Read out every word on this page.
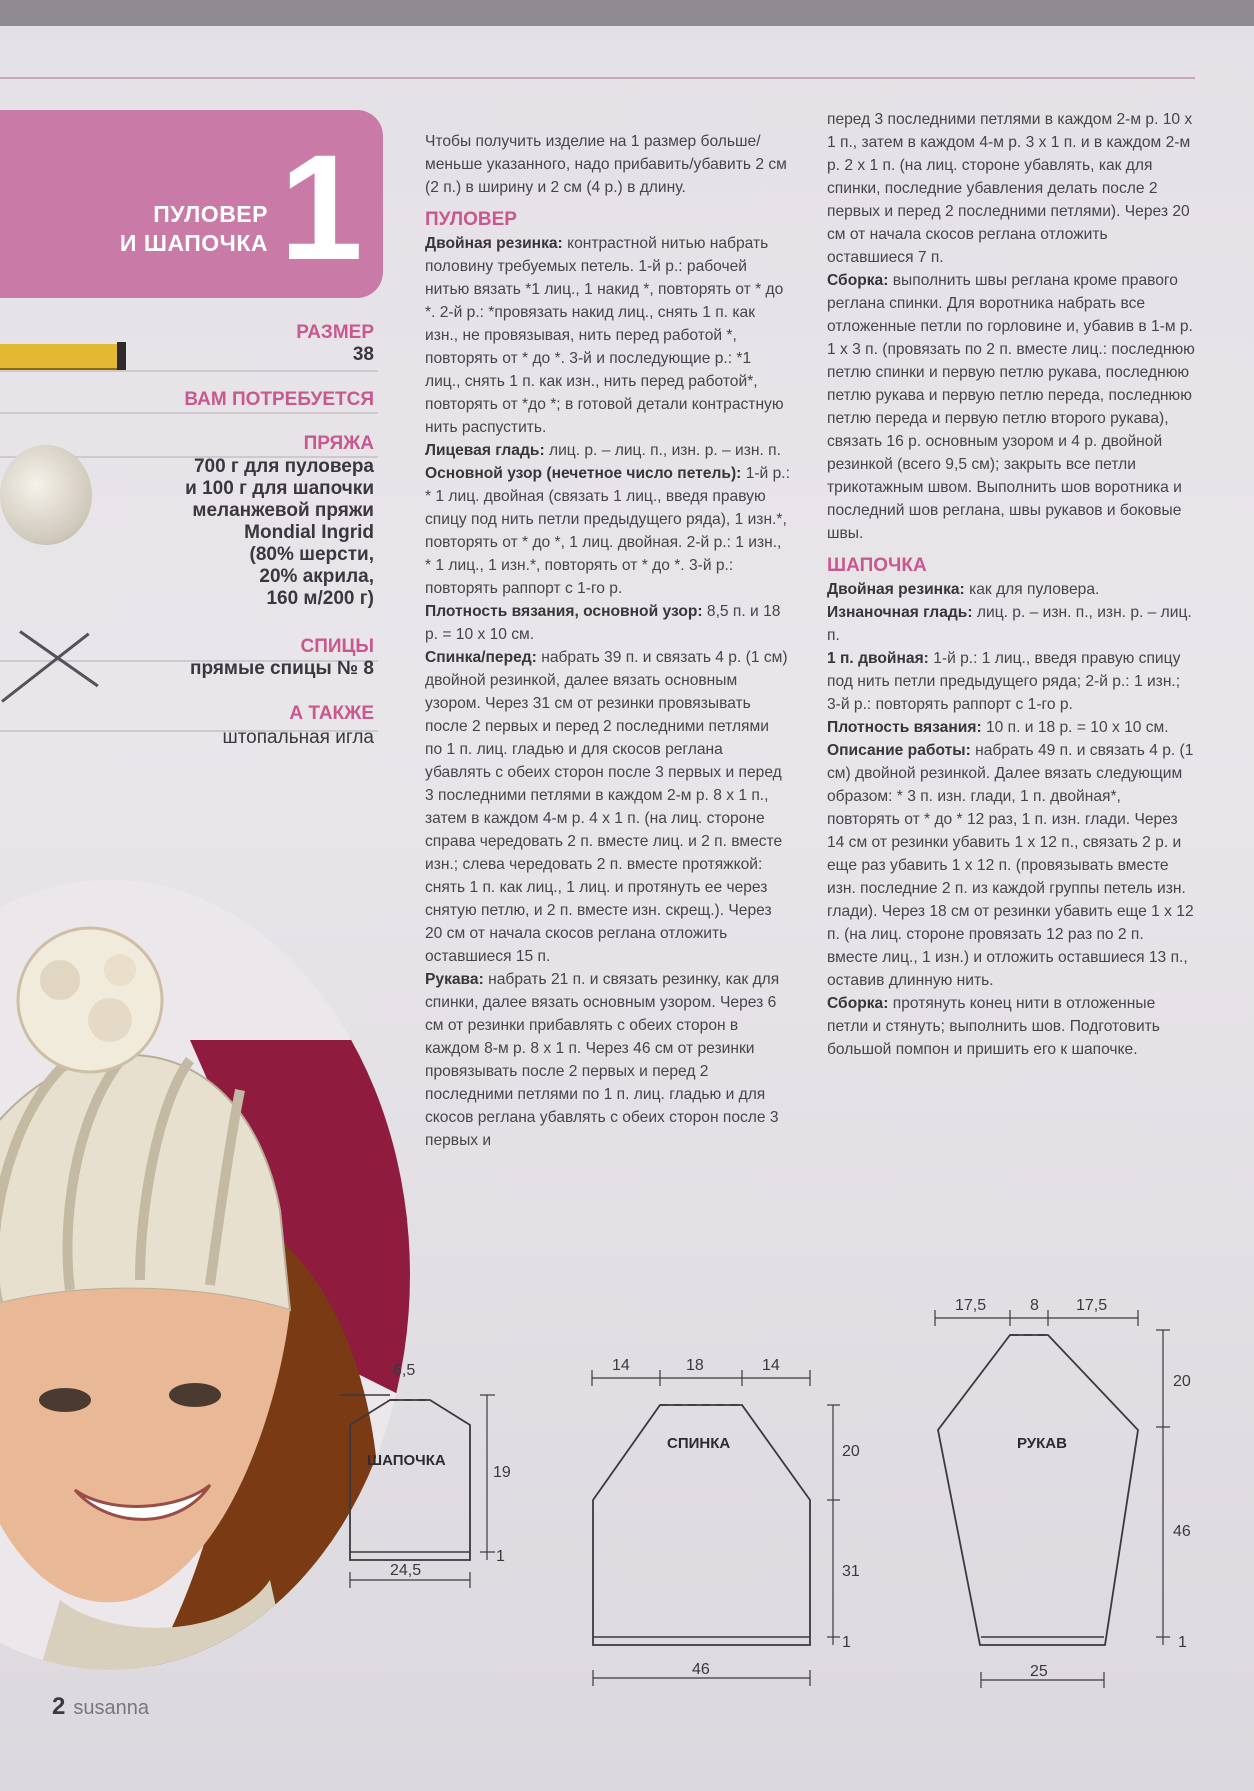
ПУЛОВЕР
И ШАПОЧКА 1
РАЗМЕР
38
ВАМ ПОТРЕБУЕТСЯ
ПРЯЖА
700 г для пуловера
и 100 г для шапочки
меланжевой пряжи
Mondial Ingrid
(80% шерсти,
20% акрила,
160 м/200 г)
СПИЦЫ
прямые спицы № 8
А ТАКЖЕ
штопальная игла

Чтобы получить изделие на 1 размер больше/меньше указанного, надо прибавить/убавить 2 см (2 п.) в ширину и 2 см (4 р.) в длину.

ПУЛОВЕР

Двойная резинка: контрастной нитью набрать половину требуемых петель. 1-й р.: рабочей нитью вязать *1 лиц., 1 накид *, повторять от * до *. 2-й р.: *провязать накид лиц., снять 1 п. как изн., не провязывая, нить перед работой *, повторять от * до *. 3-й и последующие р.: *1 лиц., снять 1 п. как изн., нить перед работой*, повторять от *до *; в готовой детали контрастную нить распустить.

Лицевая гладь: лиц. р. – лиц. п., изн. р. – изн. п.

Основной узор (нечетное число петель): 1-й р.: * 1 лиц. двойная (связать 1 лиц., введя правую спицу под нить петли предыдущего ряда), 1 изн.*, повторять от * до *, 1 лиц. двойная. 2-й р.: 1 изн., * 1 лиц., 1 изн.*, повторять от * до *. 3-й р.: повторять раппорт с 1-го р.

Плотность вязания, основной узор: 8,5 п. и 18 р. = 10 x 10 см.

Спинка/перед: набрать 39 п. и связать 4 р. (1 см) двойной резинкой, далее вязать основным узором. Через 31 см от резинки провязывать после 2 первых и перед 2 последними петлями по 1 п. лиц. гладью и для скосов реглана убавлять с обеих сторон после 3 первых и перед 3 последними петлями в каждом 2-м р. 8 x 1 п., затем в каждом 4-м р. 4 x 1 п. (на лиц. стороне справа чередовать 2 п. вместе лиц. и 2 п. вместе изн.; слева чередовать 2 п. вместе протяжкой: снять 1 п. как лиц., 1 лиц. и протянуть ее через снятую петлю, и 2 п. вместе изн. скрещ.). Через 20 см от начала скосов реглана отложить оставшиеся 15 п.

Рукава: набрать 21 п. и связать резинку, как для спинки, далее вязать основным узором. Через 6 см от резинки прибавлять с обеих сторон в каждом 8-м р. 8 x 1 п. Через 46 см от резинки провязывать после 2 первых и перед 2 последними петлями по 1 п. лиц. гладью и для скосов реглана убавлять с обеих сторон после 3 первых и

перед 3 последними петлями в каждом 2-м р. 10 x 1 п., затем в каждом 4-м р. 3 x 1 п. и в каждом 2-м р. 2 x 1 п. (на лиц. стороне убавлять, как для спинки, последние убавления делать после 2 первых и перед 2 последними петлями). Через 20 см от начала скосов реглана отложить оставшиеся 7 п.

Сборка: выполнить швы реглана кроме правого реглана спинки. Для воротника набрать все отложенные петли по горловине и, убавив в 1-м р. 1 x 3 п. (провязать по 2 п. вместе лиц.: последнюю петлю спинки и первую петлю рукава, последнюю петлю рукава и первую петлю переда, последнюю петлю переда и первую петлю второго рукава), связать 16 р. основным узором и 4 р. двойной резинкой (всего 9,5 см); закрыть все петли трикотажным швом. Выполнить шов воротника и последний шов реглана, швы рукавов и боковые швы.

ШАПОЧКА

Двойная резинка: как для пуловера.

Изнаночная гладь: лиц. р. – изн. п., изн. р. – лиц. п.

1 п. двойная: 1-й р.: 1 лиц., введя правую спицу под нить петли предыдущего ряда; 2-й р.: 1 изн.; 3-й р.: повторять раппорт с 1-го р.

Плотность вязания: 10 п. и 18 р. = 10 x 10 см.

Описание работы: набрать 49 п. и связать 4 р. (1 см) двойной резинкой. Далее вязать следующим образом: * 3 п. изн. глади, 1 п. двойная*, повторять от * до * 12 раз, 1 п. изн. глади. Через 14 см от резинки убавить 1 x 12 п., связать 2 р. и еще раз убавить 1 x 12 п. (провязывать вместе изн. последние 2 п. из каждой группы петель изн. глади). Через 18 см от резинки убавить еще 1 x 12 п. (на лиц. стороне провязать 12 раз по 2 п. вместе лиц., 1 изн.) и отложить оставшиеся 13 п., оставив длинную нить.

Сборка: протянуть конец нити в отложенные петли и стянуть; выполнить шов. Подготовить большой помпон и пришить его к шапочке.

6,5
ШАПОЧКА
19
1
24,5
14	18	14
СПИНКА	20
31
1
46
17,5	8 17,5
РУКАВ
20
46
1
25
2 susanna
